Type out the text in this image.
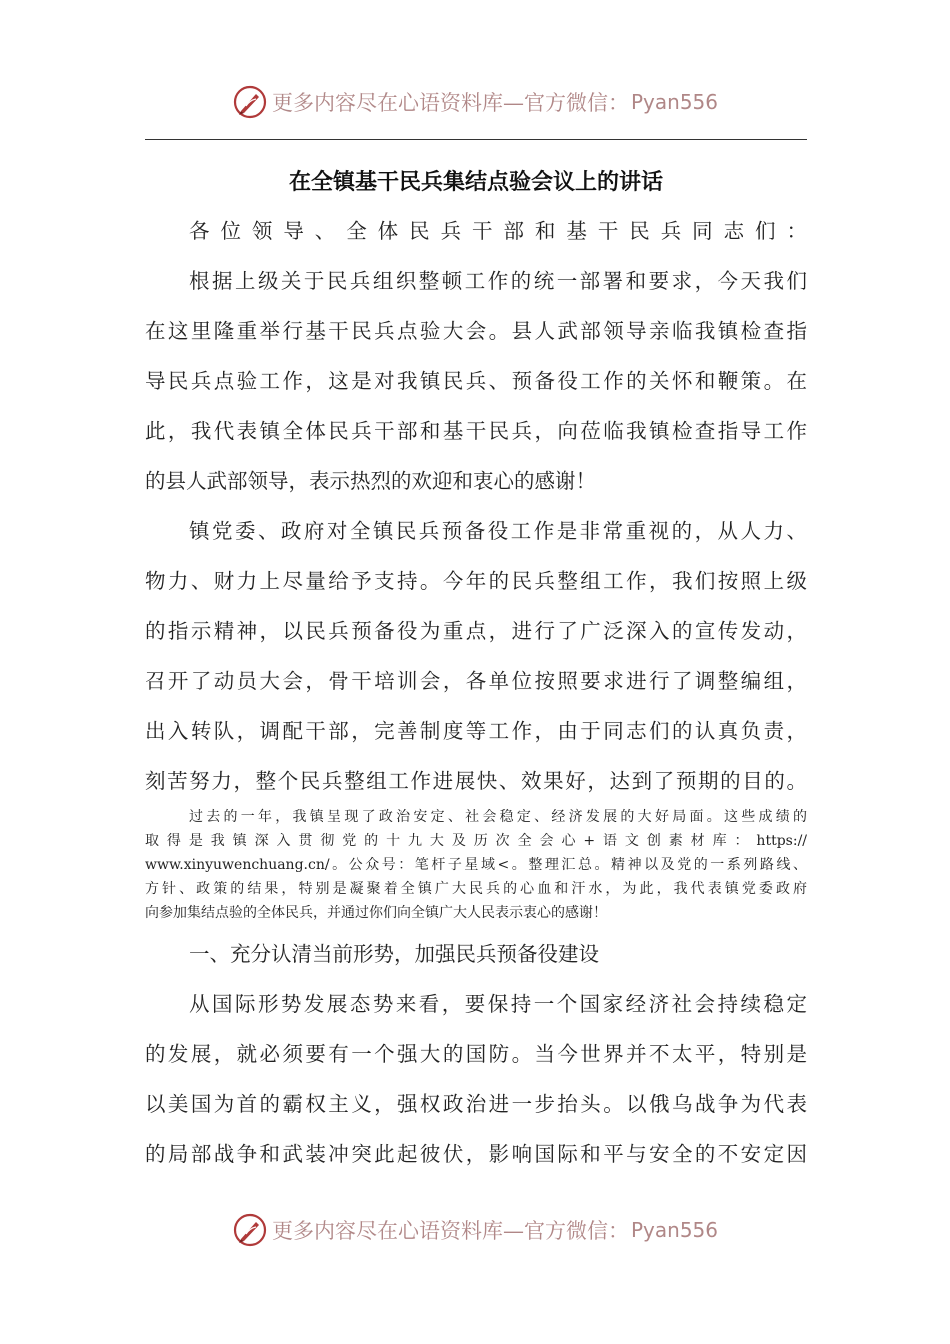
更多内容尽在心语资料库—官方微信： Pyan556
在全镇基干民兵集结点验会议上的讲话
各位领导、全体民兵干部和基干民兵同志们：
根据上级关于民兵组织整顿工作的统一部署和要求，今天我们
在这里隆重举行基干民兵点验大会。县人武部领导亲临我镇检查指
导民兵点验工作，这是对我镇民兵、预备役工作的关怀和鞭策。在
此，我代表镇全体民兵干部和基干民兵，向莅临我镇检查指导工作
的县人武部领导，表示热烈的欢迎和衷心的感谢！
镇党委、政府对全镇民兵预备役工作是非常重视的，从人力、
物力、财力上尽量给予支持。今年的民兵整组工作，我们按照上级
的指示精神，以民兵预备役为重点，进行了广泛深入的宣传发动，
召开了动员大会，骨干培训会，各单位按照要求进行了调整编组，
出入转队，调配干部，完善制度等工作，由于同志们的认真负责，
刻苦努力，整个民兵整组工作进展快、效果好，达到了预期的目的。
过去的一年，我镇呈现了政治安定、社会稳定、经济发展的大好局面。这些成绩的
取得是我镇深入贯彻党的十九大及历次全会心+语文创素材库：https://
www.xinyuwenchuang.cn/。公众号：笔杆子星域<。整理汇总。精神以及党的一系列路线、
方针、政策的结果，特别是凝聚着全镇广大民兵的心血和汗水，为此，我代表镇党委政府
向参加集结点验的全体民兵，并通过你们向全镇广大人民表示衷心的感谢！
一、充分认清当前形势，加强民兵预备役建设
从国际形势发展态势来看，要保持一个国家经济社会持续稳定
的发展，就必须要有一个强大的国防。当今世界并不太平，特别是
以美国为首的霸权主义，强权政治进一步抬头。以俄乌战争为代表
的局部战争和武装冲突此起彼伏，影响国际和平与安全的不安定因
更多内容尽在心语资料库—官方微信： Pyan556
